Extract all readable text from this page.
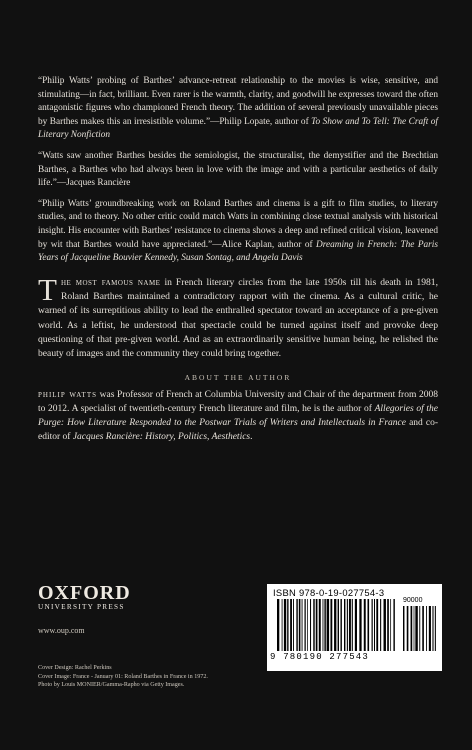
“Philip Watts’ probing of Barthes’ advance-retreat relationship to the movies is wise, sensitive, and stimulating—in fact, brilliant. Even rarer is the warmth, clarity, and goodwill he expresses toward the often antagonistic figures who championed French theory. The addition of several previously unavailable pieces by Barthes makes this an irresistible volume.”—Philip Lopate, author of To Show and To Tell: The Craft of Literary Nonfiction

“Watts saw another Barthes besides the semiologist, the structuralist, the demystifier and the Brechtian Barthes, a Barthes who had always been in love with the image and with a particular aesthetics of daily life.”—Jacques Rancière

“Philip Watts’ groundbreaking work on Roland Barthes and cinema is a gift to film studies, to literary studies, and to theory. No other critic could match Watts in combining close textual analysis with historical insight. His encounter with Barthes’ resistance to cinema shows a deep and refined critical vision, leavened by wit that Barthes would have appreciated.”—Alice Kaplan, author of Dreaming in French: The Paris Years of Jacqueline Bouvier Kennedy, Susan Sontag, and Angela Davis

The most famous name in French literary circles from the late 1950s till his death in 1981, Roland Barthes maintained a contradictory rapport with the cinema. As a cultural critic, he warned of its surreptitious ability to lead the enthralled spectator toward an acceptance of a pre-given world. As a leftist, he understood that spectacle could be turned against itself and provoke deep questioning of that pre-given world. And as an extraordinarily sensitive human being, he relished the beauty of images and the community they could bring together.
ABOUT THE AUTHOR
philip watts was Professor of French at Columbia University and Chair of the department from 2008 to 2012. A specialist of twentieth-century French literature and film, he is the author of Allegories of the Purge: How Literature Responded to the Postwar Trials of Writers and Intellectuals in France and co-editor of Jacques Rancière: History, Politics, Aesthetics.
OXFORD
UNIVERSITY PRESS
www.oup.com
Cover Design: Rachel Perkins
Cover Image: France - January 01: Roland Barthes in France in 1972.
Photo by Louis MONIER/Gamma-Rapho via Getty Images.
ISBN 978-0-19-027754-3
90000
9 780190 277543
